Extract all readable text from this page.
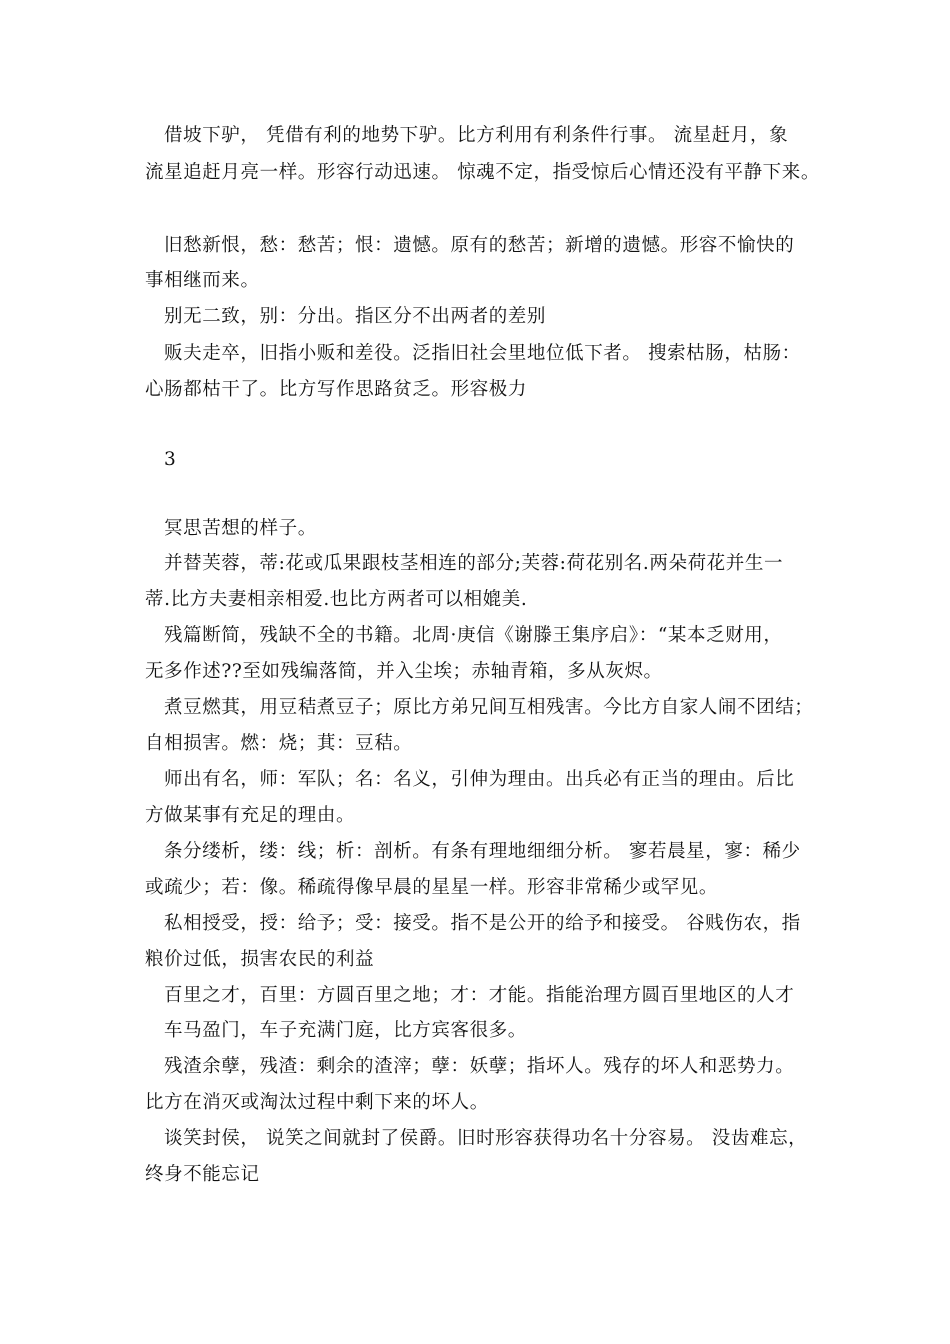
借坡下驴， 凭借有利的地势下驴。比方利用有利条件行事。 流星赶月，象
流星追赶月亮一样。形容行动迅速。 惊魂不定，指受惊后心情还没有平静下来。
旧愁新恨，愁：愁苦；恨：遗憾。原有的愁苦；新增的遗憾。形容不愉快的
事相继而来。
别无二致，别：分出。指区分不出两者的差别
贩夫走卒，旧指小贩和差役。泛指旧社会里地位低下者。 搜索枯肠，枯肠：
心肠都枯干了。比方写作思路贫乏。形容极力
3
冥思苦想的样子。
并替芙蓉，蒂:花或瓜果跟枝茎相连的部分;芙蓉:荷花别名.两朵荷花并生一
蒂.比方夫妻相亲相爱.也比方两者可以相媲美.
残篇断简，残缺不全的书籍。北周·庚信《谢滕王集序启》：“某本乏财用，
无多作述??至如残编落简，并入尘埃；赤轴青箱，多从灰烬。
煮豆燃萁，用豆秸煮豆子；原比方弟兄间互相残害。今比方自家人闹不团结；
自相损害。燃：烧；萁：豆秸。
师出有名，师：军队；名：名义，引伸为理由。出兵必有正当的理由。后比
方做某事有充足的理由。
条分缕析，缕：线；析：剖析。有条有理地细细分析。 寥若晨星，寥：稀少
或疏少；若：像。稀疏得像早晨的星星一样。形容非常稀少或罕见。
私相授受，授：给予；受：接受。指不是公开的给予和接受。 谷贱伤农，指
粮价过低，损害农民的利益
百里之才，百里：方圆百里之地；才：才能。指能治理方圆百里地区的人才
车马盈门，车子充满门庭，比方宾客很多。
残渣余孽，残渣：剩余的渣滓；孽：妖孽；指坏人。残存的坏人和恶势力。
比方在消灭或淘汰过程中剩下来的坏人。
谈笑封侯， 说笑之间就封了侯爵。旧时形容获得功名十分容易。 没齿难忘，
终身不能忘记
